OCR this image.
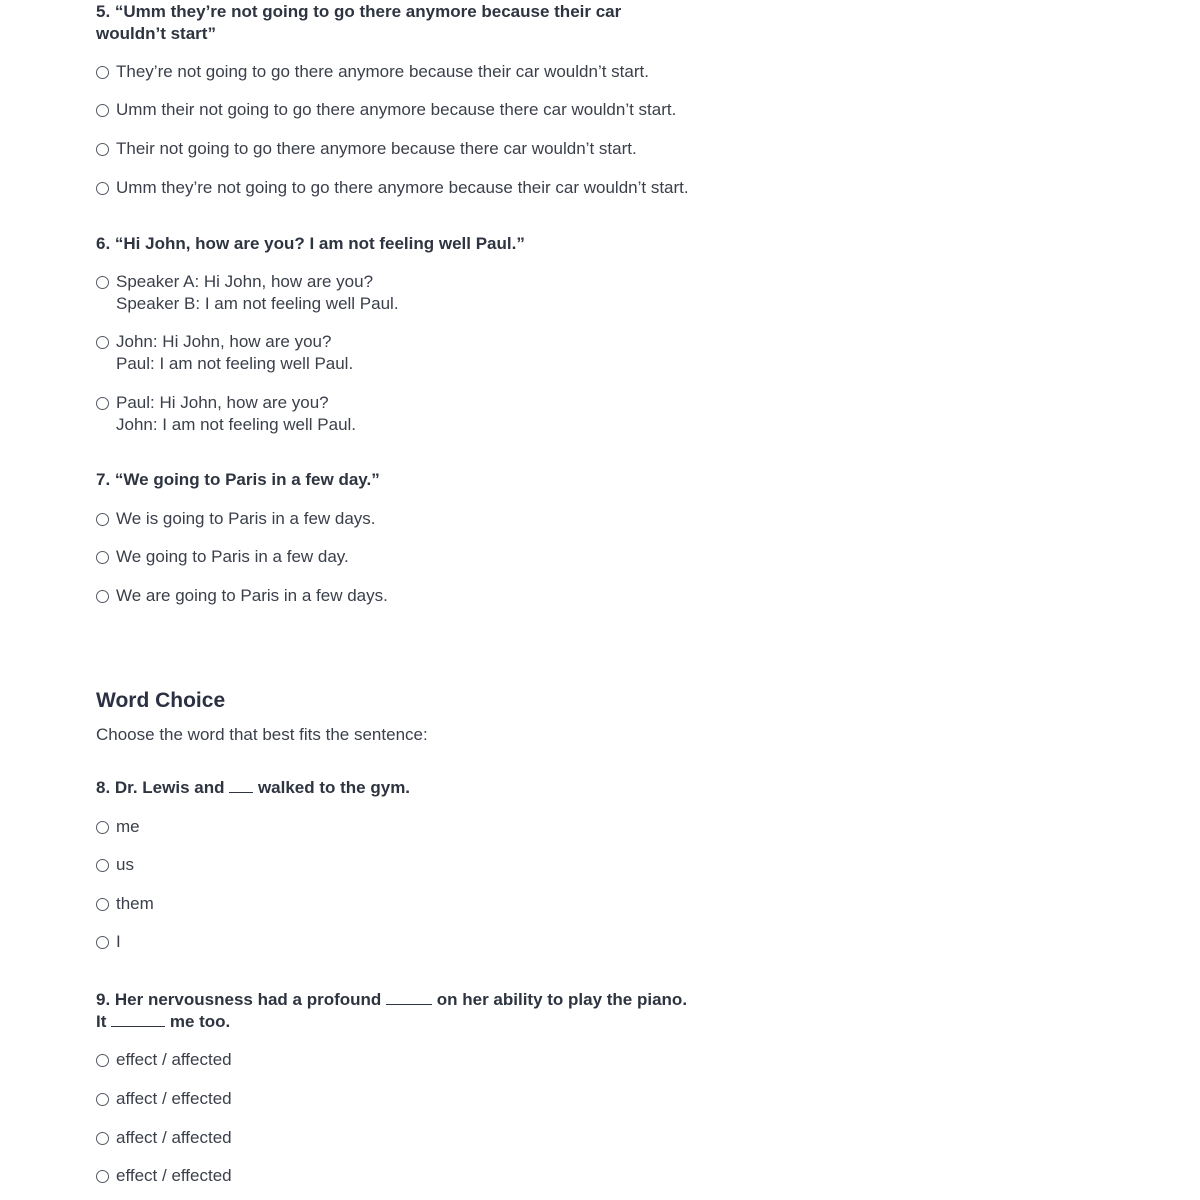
5. “Umm they’re not going to go there anymore because their car
wouldn’t start”
They’re not going to go there anymore because their car wouldn’t start.
Umm their not going to go there anymore because there car wouldn’t start.
Their not going to go there anymore because there car wouldn’t start.
Umm they’re not going to go there anymore because their car wouldn’t start.
6. “Hi John, how are you? I am not feeling well Paul.”
Speaker A: Hi John, how are you?
Speaker B: I am not feeling well Paul.
John: Hi John, how are you?
Paul: I am not feeling well Paul.
Paul: Hi John, how are you?
John: I am not feeling well Paul.
7. “We going to Paris in a few day.”
We is going to Paris in a few days.
We going to Paris in a few day.
We are going to Paris in a few days.
Word Choice
Choose the word that best fits the sentence:
8. Dr. Lewis and  walked to the gym.
me
us
them
I
9. Her nervousness had a profound	on her ability to play the piano.
It	me too.
effect / affected
affect / effected
affect / affected
effect / effected
